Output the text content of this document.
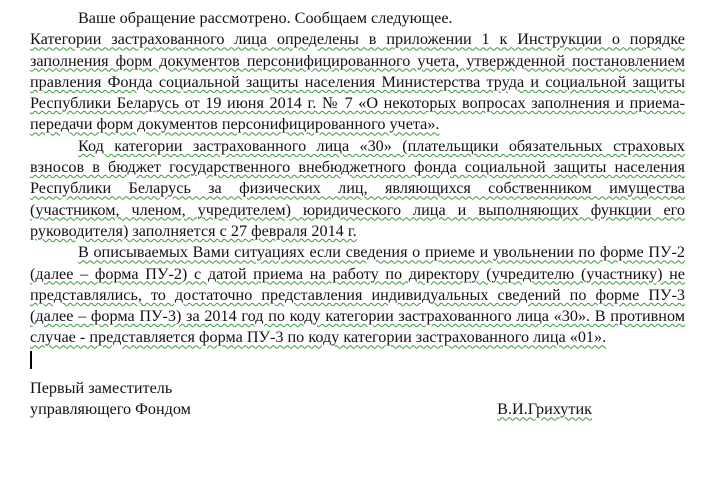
Ваше обращение рассмотрено. Сообщаем следующее.

Категории застрахованного лица определены в приложении 1 к Инструкции о порядке заполнения форм документов персонифицированного учета, утвержденной постановлением правления Фонда социальной защиты населения Министерства труда и социальной защиты Республики Беларусь от 19 июня 2014 г. № 7 «О некоторых вопросах заполнения и приема-передачи форм документов персонифицированного учета».

Код категории застрахованного лица «30» (плательщики обязательных страховых взносов в бюджет государственного внебюджетного фонда социальной защиты населения Республики Беларусь за физических лиц, являющихся собственником имущества (участником, членом, учредителем) юридического лица и выполняющих функции его руководителя) заполняется с 27 февраля 2014 г.

В описываемых Вами ситуациях если сведения о приеме и увольнении по форме ПУ-2 (далее – форма ПУ-2) с датой приема на работу по директору (учредителю (участнику) не представлялись, то достаточно представления индивидуальных сведений по форме ПУ-3 (далее – форма ПУ-3) за 2014 год по коду категории застрахованного лица «30». В противном случае - представляется форма ПУ-3 по коду категории застрахованного лица «01».

Первый заместитель
управляющего Фондом	В.И.Грихутик
